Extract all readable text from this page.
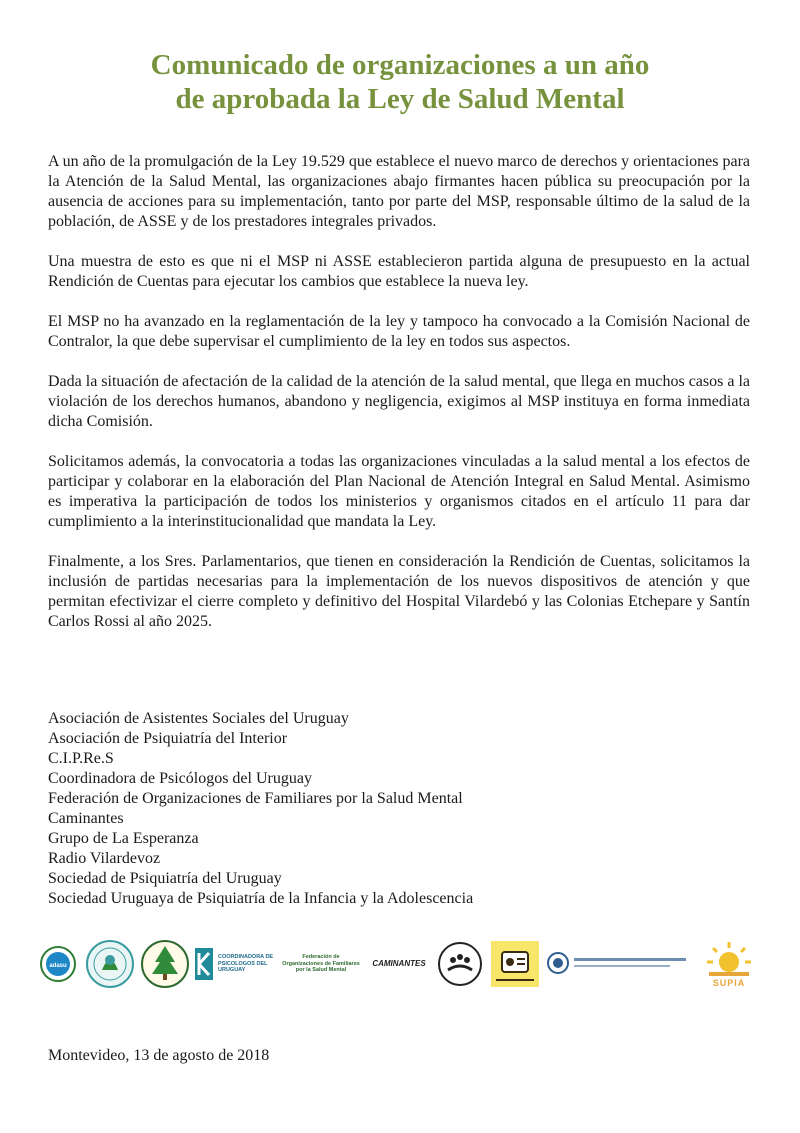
Comunicado de organizaciones a un año
de aprobada la Ley de Salud Mental

A un año de la promulgación de la Ley 19.529 que establece el nuevo marco de derechos y orientaciones para la Atención de la Salud Mental, las organizaciones abajo firmantes hacen pública su preocupación por la ausencia de acciones para su implementación, tanto por parte del MSP, responsable último de la salud de la población, de ASSE y de los prestadores integrales privados.

Una muestra de esto es que ni el MSP ni ASSE establecieron partida alguna de presupuesto en la actual Rendición de Cuentas para ejecutar los cambios que establece la nueva ley.

El MSP no ha avanzado en la reglamentación de la ley y tampoco ha convocado a la Comisión Nacional de Contralor, la que debe supervisar el cumplimiento de la ley en todos sus aspectos.

Dada la situación de afectación de la calidad de la atención de la salud mental, que llega en muchos casos a la violación de los derechos humanos, abandono y negligencia, exigimos al MSP instituya en forma inmediata dicha Comisión.

Solicitamos además, la convocatoria a todas las organizaciones vinculadas a la salud mental a los efectos de participar y colaborar en la elaboración del Plan Nacional de Atención Integral en Salud Mental. Asimismo es imperativa la participación de todos los ministerios y organismos citados en el artículo 11 para dar cumplimiento a la interinstitucionalidad que mandata la Ley.

Finalmente, a los Sres. Parlamentarios, que tienen en consideración la Rendición de Cuentas, solicitamos la inclusión de partidas necesarias para la implementación de los nuevos dispositivos de atención y que permitan efectivizar el cierre completo y definitivo del Hospital Vilardebó y las Colonias Etchepare y Santín Carlos Rossi al año 2025.

Asociación de Asistentes Sociales del Uruguay
Asociación de Psiquiatría del Interior
C.I.P.Re.S
Coordinadora de Psicólogos del Uruguay
Federación de Organizaciones de Familiares por la Salud Mental
Caminantes
Grupo de La Esperanza
Radio Vilardevoz
Sociedad de Psiquiatría del Uruguay
Sociedad Uruguaya de Psiquiatría de la Infancia y la Adolescencia
adasu
COORDINADORA DE PSICOLOGOS DEL URUGUAY
Federación de Organizaciones de Familiares por la Salud Mental
CAMINANTES
SUPIA
Montevideo, 13 de agosto de 2018
